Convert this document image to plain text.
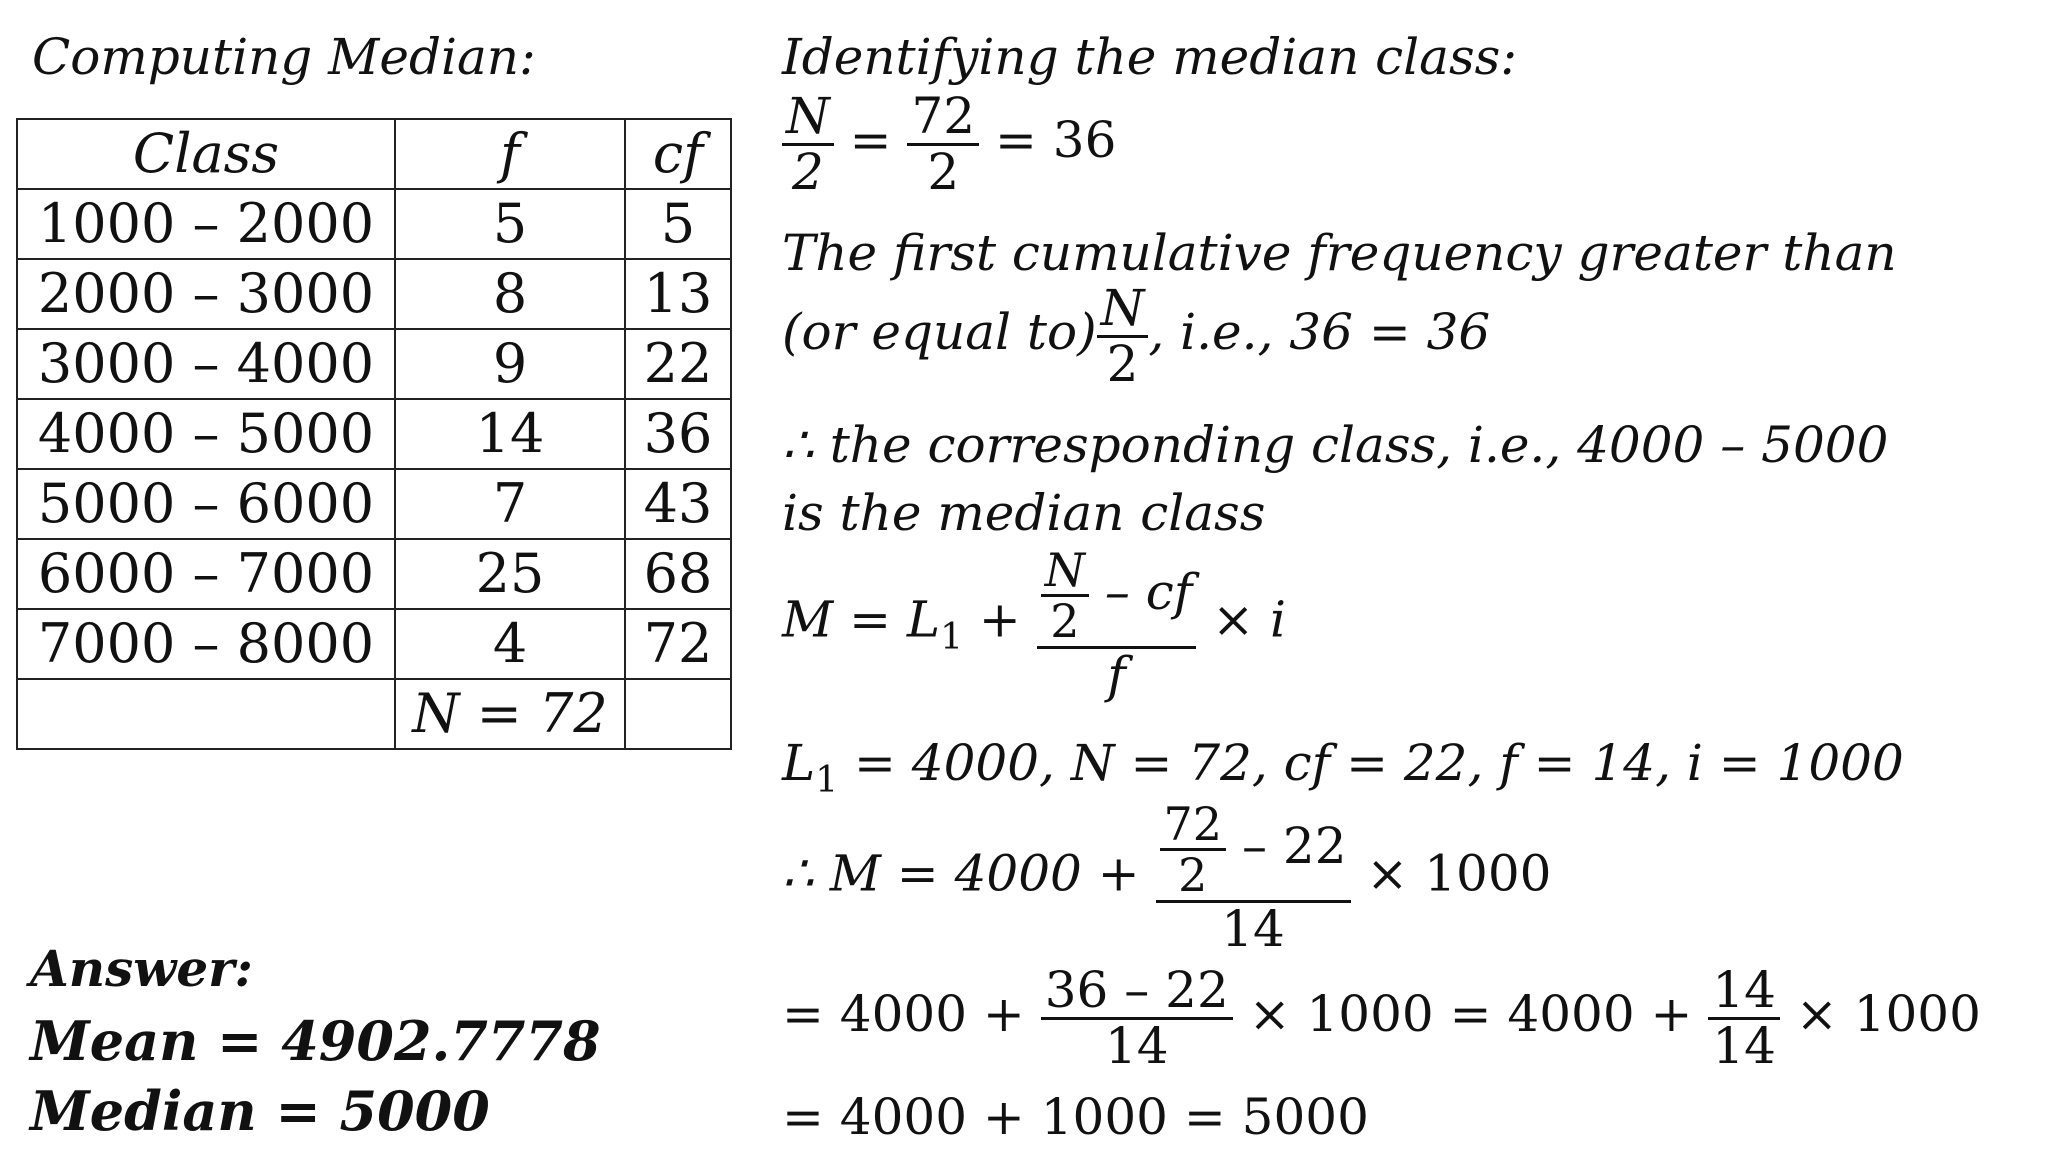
Computing Median:
Class	f	cf
1000 – 2000	5	5
2000 – 3000	8	13
3000 – 4000	9	22
4000 – 5000	14	36
5000 – 6000	7	43
6000 – 7000	25	68
7000 – 8000	4	72
	N = 72	
Answer:
Mean = 4902.7778
Median = 5000
Identifying the median class:
$\frac{N}{2} = \frac{72}{2} = 36$
The first cumulative frequency greater than
(or equal $to) \frac{N}{2}$ , i.e., 36 = 36
∴ the corresponding class, i.e., 4000 – 5000
is the median class
$M = L_1 + \frac{\frac{N}{2} - cf}{f} \times i$
$L_1 = 4000$, N = 72, cf = 22, f = 14, i = 1000
∴ $M = 4000 + \frac{\frac{72}{2} - 22}{14} \times 1000$
= $4000 + \frac{36 - 22}{14} \times 1000 = 4000 + \frac{14}{14} \times 1000$
= 4000 + 1000 = 5000
